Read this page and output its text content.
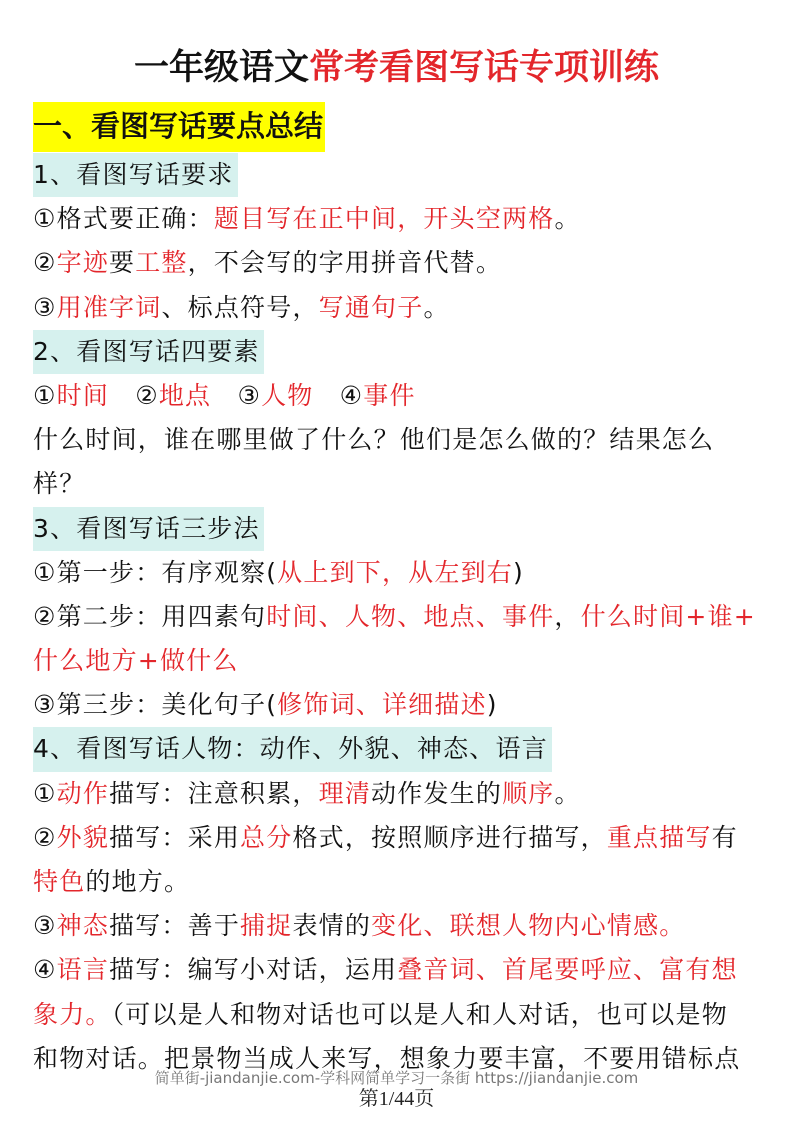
一年级语文常考看图写话专项训练
一、看图写话要点总结
1、看图写话要求
①格式要正确：题目写在正中间，开头空两格。
②字迹要工整，不会写的字用拼音代替。
③用准字词、标点符号，写通句子。
2、看图写话四要素
①时间　②地点　③人物　④事件
什么时间，谁在哪里做了什么？他们是怎么做的？结果怎么
样？
3、看图写话三步法
①第一步：有序观察(从上到下，从左到右)
②第二步：用四素句时间、人物、地点、事件，什么时间+谁+
什么地方+做什么
③第三步：美化句子(修饰词、详细描述)
4、看图写话人物：动作、外貌、神态、语言
①动作描写：注意积累，理清动作发生的顺序。
②外貌描写：采用总分格式，按照顺序进行描写，重点描写有
特色的地方。
③神态描写：善于捕捉表情的变化、联想人物内心情感。
④语言描写：编写小对话，运用叠音词、首尾要呼应、富有想
象力。（可以是人和物对话也可以是人和人对话，也可以是物
和物对话。把景物当成人来写，想象力要丰富，不要用错标点
简单街-jiandanjie.com-学科网简单学习一条街 https://jiandanjie.com
第1/44页
